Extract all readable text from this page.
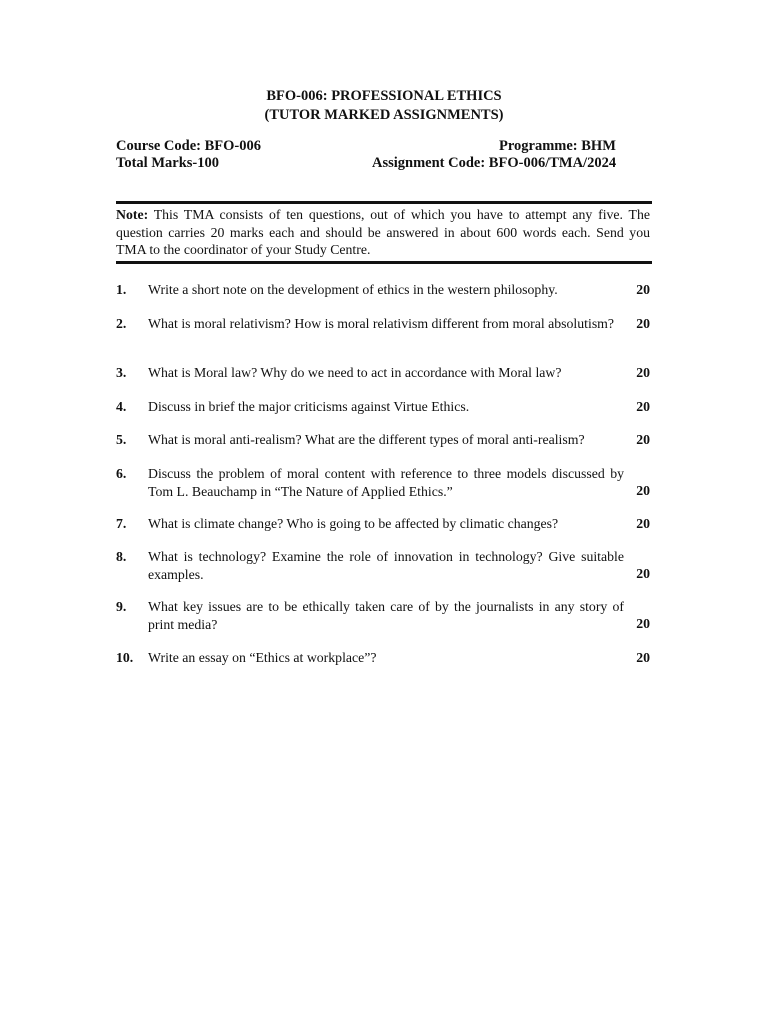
BFO-006: PROFESSIONAL ETHICS
(TUTOR MARKED ASSIGNMENTS)
Course Code: BFO-006	Programme: BHM
Total Marks-100	Assignment Code: BFO-006/TMA/2024
Note: This TMA consists of ten questions, out of which you have to attempt any five. The question carries 20 marks each and should be answered in about 600 words each. Send you TMA to the coordinator of your Study Centre.
1. Write a short note on the development of ethics in the western philosophy.	20
2. What is moral relativism? How is moral relativism different from moral absolutism?	20
3. What is Moral law? Why do we need to act in accordance with Moral law?	20
4. Discuss in brief the major criticisms against Virtue Ethics.	20
5. What is moral anti-realism? What are the different types of moral anti-realism?	20
6. Discuss the problem of moral content with reference to three models discussed by Tom L. Beauchamp in “The Nature of Applied Ethics.”	20
7. What is climate change? Who is going to be affected by climatic changes?	20
8. What is technology? Examine the role of innovation in technology? Give suitable examples.	20
9. What key issues are to be ethically taken care of by the journalists in any story of print media?	20
10. Write an essay on “Ethics at workplace”?	20
